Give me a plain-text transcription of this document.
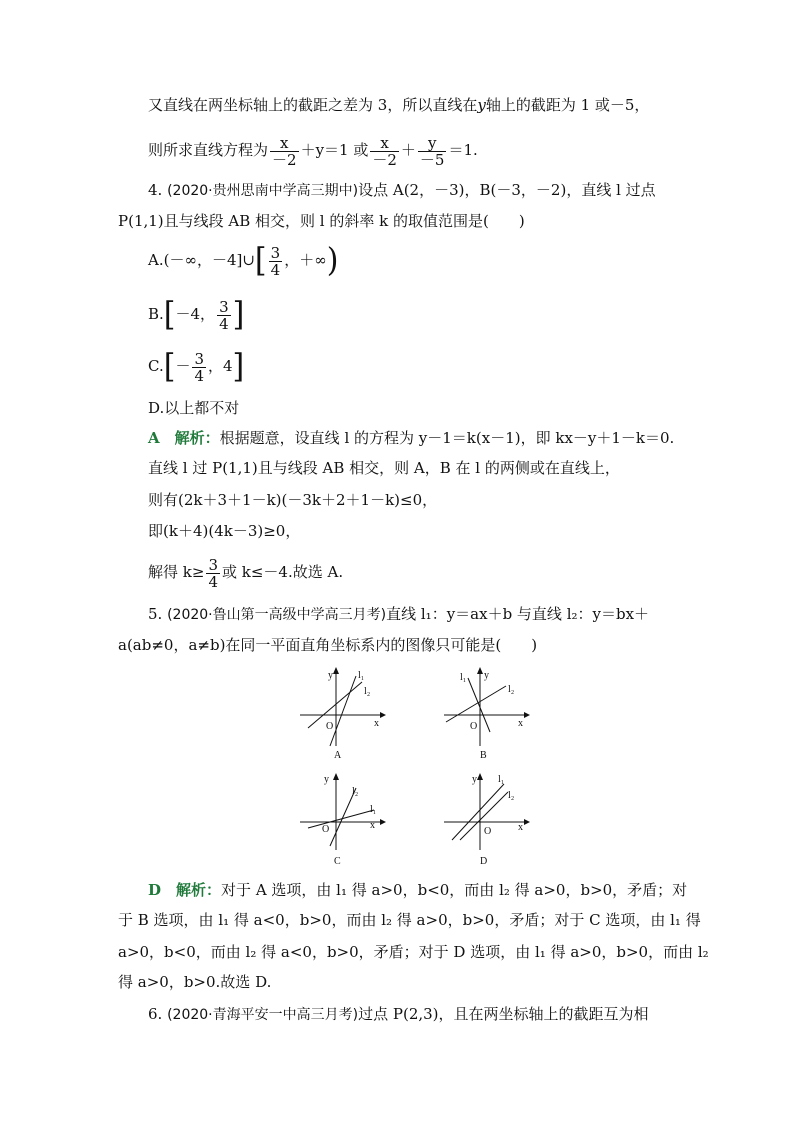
又直线在两坐标轴上的截距之差为 3，所以直线在y轴上的截距为 1 或－5，
则所求直线方程为 $\frac{x}{-2} +y=1$ 或 $\frac{x}{-2} + \frac{y}{-5} =1$.
4. (2020·贵州思南中学高三期中)设点 A(2，－3)，B(－3，－2)，直线 l 过点
P(1,1)且与线段 AB 相交，则 l 的斜率 k 的取值范围是(　　)
A.(－∞，－4]∪[ $\frac{3}{4}$ ，＋∞)
B.[－4， $\frac{3}{4}$ ]
$C.[- \frac{3}{4}$ ，4]
D.以上都不对
A　 解析：根据题意，设直线 l 的方程为 y－1＝k(x－1)，即 kx－y＋1－k＝0.
直线 l 过 P(1,1)且与线段 AB 相交，则 A，B 在 l 的两侧或在直线上，
则有(2k＋3＋1－k)(－3k＋2＋1－k)≤0，
即(k＋4)(4k－3)≥0，
解得 $k\ge \frac{3}{4}$ 或 k≤－4.故选 A.
5. (2020·鲁山第一高级中学高三月考)直线 l₁：y＝ax＋b 与直线 l₂：y＝bx＋
a(ab≠0，a≠b)在同一平面直角坐标系内的图像只可能是(　　)
y
x
O
l₁
l₂
A
y
x
O
l₁
l₂
B
y
x
O
l₁
l₂
C
y
x
O
l₁
l₂
D
D　 解析：对于 A 选项，由 l₁ 得 a>0，b<0，而由 l₂ 得 a>0，b>0，矛盾；对
于 B 选项，由 l₁ 得 a<0，b>0，而由 l₂ 得 a>0，b>0，矛盾；对于 C 选项，由 l₁ 得
a>0，b<0，而由 l₂ 得 a<0，b>0，矛盾；对于 D 选项，由 l₁ 得 a>0，b>0，而由 l₂
得 a>0，b>0.故选 D.
6. (2020·青海平安一中高三月考)过点 P(2,3)，且在两坐标轴上的截距互为相
